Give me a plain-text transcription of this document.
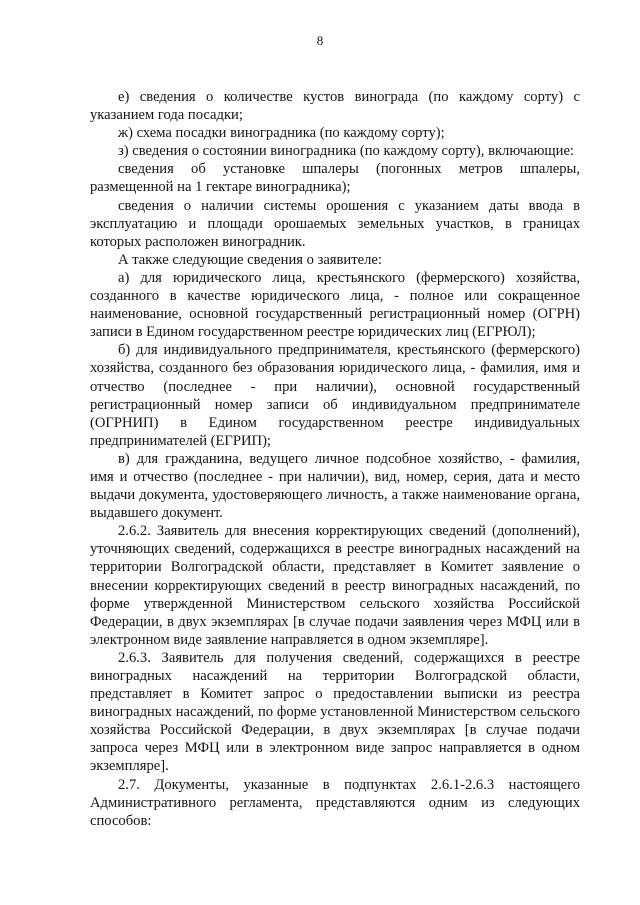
8

е) сведения о количестве кустов винограда (по каждому сорту) с указанием года посадки;

ж) схема посадки виноградника (по каждому сорту);

з) сведения о состоянии виноградника (по каждому сорту), включающие:

сведения об установке шпалеры (погонных метров шпалеры, размещенной на 1 гектаре виноградника);

сведения о наличии системы орошения с указанием даты ввода в эксплуатацию и площади орошаемых земельных участков, в границах которых расположен виноградник.

А также следующие сведения о заявителе:

а) для юридического лица, крестьянского (фермерского) хозяйства, созданного в качестве юридического лица, - полное или сокращенное наименование, основной государственный регистрационный номер (ОГРН) записи в Едином государственном реестре юридических лиц (ЕГРЮЛ);

б) для индивидуального предпринимателя, крестьянского (фермерского) хозяйства, созданного без образования юридического лица, - фамилия, имя и отчество (последнее - при наличии), основной государственный регистрационный номер записи об индивидуальном предпринимателе (ОГРНИП) в Едином государственном реестре индивидуальных предпринимателей (ЕГРИП);

в) для гражданина, ведущего личное подсобное хозяйство, - фамилия, имя и отчество (последнее - при наличии), вид, номер, серия, дата и место выдачи документа, удостоверяющего личность, а также наименование органа, выдавшего документ.

2.6.2. Заявитель для внесения корректирующих сведений (дополнений), уточняющих сведений, содержащихся в реестре виноградных насаждений на территории Волгоградской области, представляет в Комитет заявление о внесении корректирующих сведений в реестр виноградных насаждений, по форме утвержденной Министерством сельского хозяйства Российской Федерации, в двух экземплярах [в случае подачи заявления через МФЦ или в электронном виде заявление направляется в одном экземпляре].

2.6.3. Заявитель для получения сведений, содержащихся в реестре виноградных насаждений на территории Волгоградской области, представляет в Комитет запрос о предоставлении выписки из реестра виноградных насаждений, по форме установленной Министерством сельского хозяйства Российской Федерации, в двух экземплярах [в случае подачи запроса через МФЦ или в электронном виде запрос направляется в одном экземпляре].

2.7. Документы, указанные в подпунктах 2.6.1-2.6.3 настоящего Административного регламента, представляются одним из следующих способов:
